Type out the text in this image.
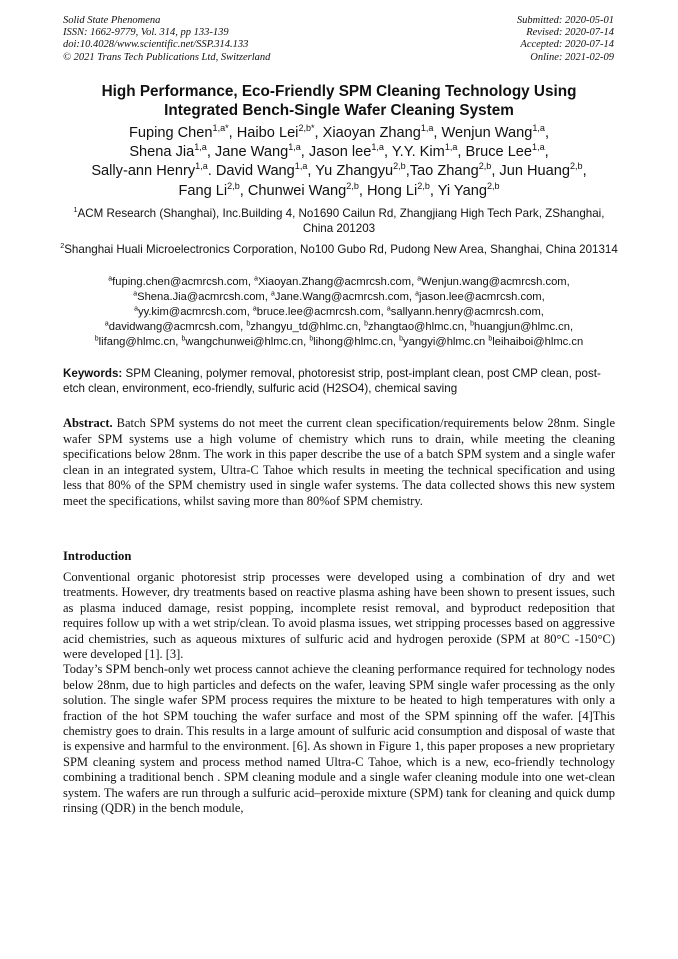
Solid State Phenomena
ISSN: 1662-9779, Vol. 314, pp 133-139
doi:10.4028/www.scientific.net/SSP.314.133
© 2021 Trans Tech Publications Ltd, Switzerland
Submitted: 2020-05-01
Revised: 2020-07-14
Accepted: 2020-07-14
Online: 2021-02-09
High Performance, Eco-Friendly SPM Cleaning Technology Using
Integrated Bench-Single Wafer Cleaning System
Fuping Chen$^{1,a*}$, Haibo Lei$^{2,b*}$, Xiaoyan Zhang$^{1,a}$, Wenjun Wang$^{1,a}$,
Shena Jia$^{1,a}$, Jane Wang$^{1,a}$, Jason lee$^{1,a}$, Y.Y. Kim$^{1,a}$, Bruce Lee$^{1,a}$,
Sally-ann Henry$^{1,a}$. David Wang$^{1,a}$, Yu Zhangyu$^{2,b}$,Tao Zhang$^{2,b}$, Jun Huang$^{2,b}$,
Fang Li$^{2,b}$, Chunwei Wang$^{2,b}$, Hong Li$^{2,b}$, Yi Yang$^{2,b}$
$^1$ACM Research (Shanghai), Inc.Building 4, No1690 Cailun Rd, Zhangjiang High Tech Park, ZShanghai, China 201203
$^2$Shanghai Huali Microelectronics Corporation, No100 Gubo Rd, Pudong New Area, Shanghai, China 201314
$^a$fuping.chen@acmrcsh.com, $^a$Xiaoyan.Zhang@acmrcsh.com, $^a$Wenjun.wang@acmrcsh.com,
$^a$Shena.Jia@acmrcsh.com, $^a$Jane.Wang@acmrcsh.com, $^a$jason.lee@acmrcsh.com,
$^a$yy.kim@acmrcsh.com, $^a$bruce.lee@acmrcsh.com, $^a$sallyann.henry@acmrcsh.com,
$^a$davidwang@acmrcsh.com, $^b$zhangyu_td@hlmc.cn, $^b$zhangtao@hlmc.cn, $^b$huangjun@hlmc.cn,
$^b$lifang@hlmc.cn, $^b$wangchunwei@hlmc.cn, $^b$lihong@hlmc.cn, $^b$yangyi@hlmc.cn $^b$leihaiboi@hlmc.cn
Keywords: SPM Cleaning, polymer removal, photoresist strip, post-implant clean, post CMP clean, post-etch clean, environment, eco-friendly, sulfuric acid (H2SO4), chemical saving

Abstract. Batch SPM systems do not meet the current clean specification/requirements below 28nm. Single wafer SPM systems use a high volume of chemistry which runs to drain, while meeting the cleaning specifications below 28nm. The work in this paper describe the use of a batch SPM system and a single wafer clean in an integrated system, Ultra-C Tahoe which results in meeting the technical specification and using less that 80% of the SPM chemistry used in single wafer systems. The data collected shows this new system meet the specifications, whilst saving more than 80%of SPM chemistry.

Introduction

Conventional organic photoresist strip processes were developed using a combination of dry and wet treatments. However, dry treatments based on reactive plasma ashing have been shown to present issues, such as plasma induced damage, resist popping, incomplete resist removal, and byproduct redeposition that requires follow up with a wet strip/clean. To avoid plasma issues, wet stripping processes based on aggressive acid chemistries, such as aqueous mixtures of sulfuric acid and hydrogen peroxide (SPM at 80°C -150°C) were developed [1]. [3].

Today’s SPM bench-only wet process cannot achieve the cleaning performance required for technology nodes below 28nm, due to high particles and defects on the wafer, leaving SPM single wafer processing as the only solution. The single wafer SPM process requires the mixture to be heated to high temperatures with only a fraction of the hot SPM touching the wafer surface and most of the SPM spinning off the wafer. [4]This chemistry goes to drain. This results in a large amount of sulfuric acid consumption and disposal of waste that is expensive and harmful to the environment. [6]. As shown in Figure 1, this paper proposes a new proprietary SPM cleaning system and process method named Ultra-C Tahoe, which is a new, eco-friendly technology combining a traditional bench . SPM cleaning module and a single wafer cleaning module into one wet-clean system. The wafers are run through a sulfuric acid–peroxide mixture (SPM) tank for cleaning and quick dump rinsing (QDR) in the bench module,
